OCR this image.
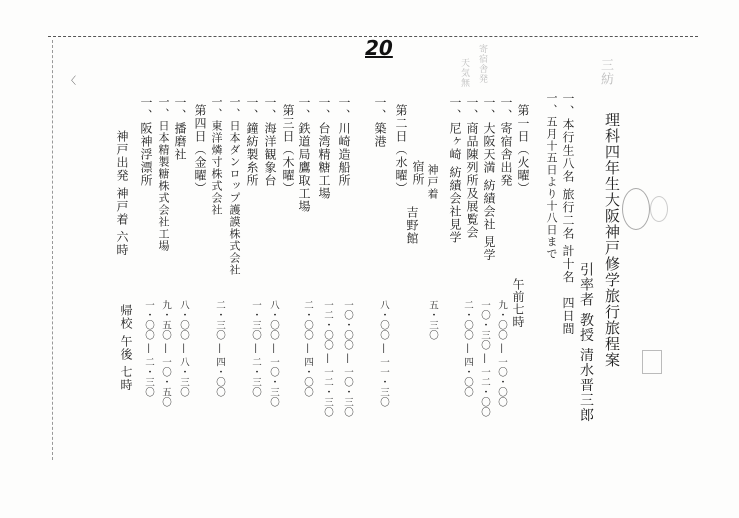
20	寄宿舎発
天気無	三紡
〈
理科四年生大阪神戸修学旅行旅程案
引率者 教授 清水晋三郎
一、本行生八名 旅行二名 計十名　四日間
一、五月十五日より十八日まで
第一日（火曜）
一、寄宿舎出発
一、大阪天満 紡績会社 見学
一、商品陳列所及展覧会
一、尼ヶ崎 紡績会社見学
神戸着
宿所
吉野館
第二日（水曜）
一、築港
一、川崎造船所
一、台湾精糖工場
一、鉄道局鷹取工場
第三日（木曜）
一、海洋観象台
一、鐘紡製糸所
一、日本ダンロップ護謨株式会社
一、東洋燐寸株式会社
第四日（金曜）
一、播磨社
一、日本精製糖株式会社工場
一、阪神浮漂所
神戸出発 神戸着 六時
午前七時
九・〇〇 ― 一〇・〇〇
一〇・三〇 ― 一二・〇〇
二・〇〇 ― 四・〇〇
五・三〇
八・〇〇 ― 一一・三〇
一〇・〇〇 ― 一〇・三〇
一二・〇〇 ― 一二・三〇
二・〇〇 ― 四・〇〇
八・〇〇 ― 一〇・三〇
一・三〇 ― 二・三〇
二・三〇 ― 四・〇〇
八・〇〇 ― 八・三〇
九・五〇 ― 一〇・五〇
一・〇〇 ― 二・三〇
帰校 午後 七時
